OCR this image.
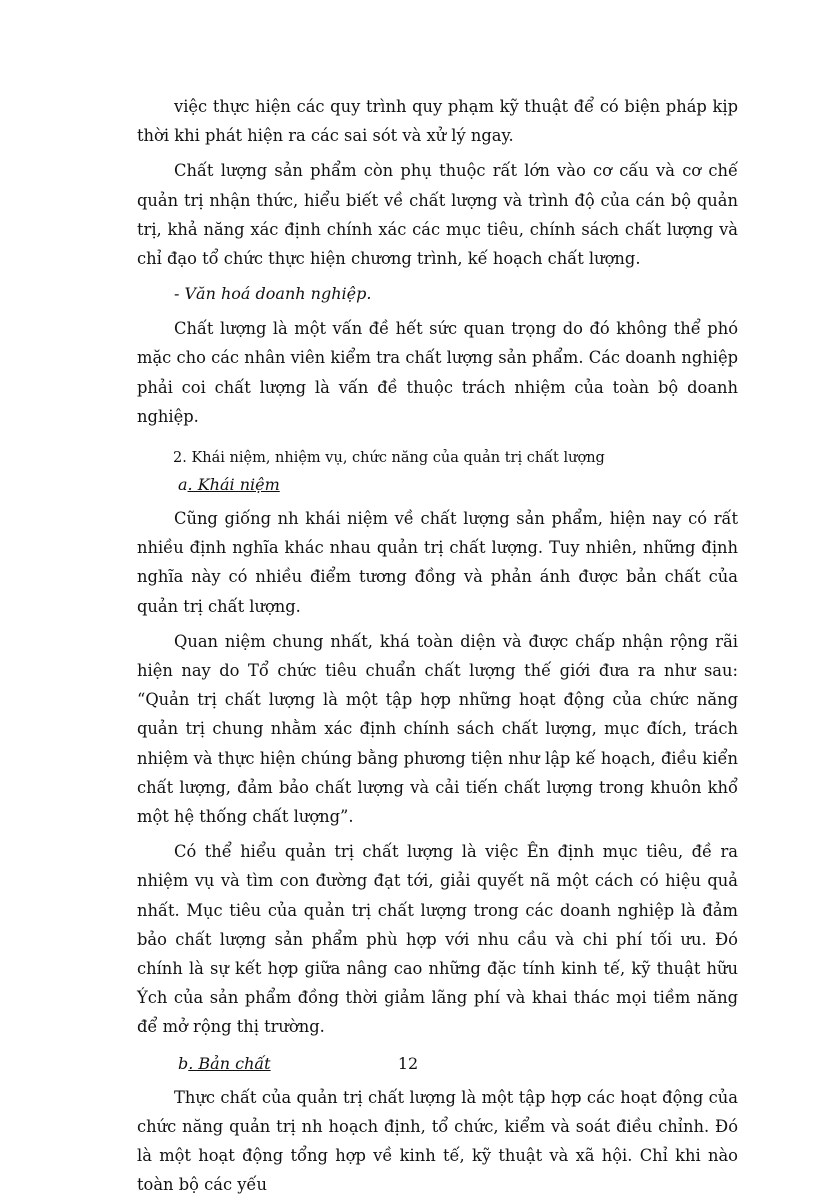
việc thực hiện các quy trình quy phạm kỹ thuật để có biện pháp kịp thời khi phát hiện ra các sai sót và xử lý ngay.

Chất lượng sản phẩm còn phụ thuộc rất lớn vào cơ cấu và cơ chế quản trị nhận thức, hiểu biết về chất lượng và trình độ của cán bộ quản trị, khả năng xác định chính xác các mục tiêu, chính sách chất lượng và chỉ đạo tổ chức thực hiện chương trình, kế hoạch chất lượng.

- Văn hoá doanh nghiệp.

Chất lượng là một vấn đề hết sức quan trọng do đó không thể phó mặc cho các nhân viên kiểm tra chất lượng sản phẩm. Các doanh nghiệp phải coi chất lượng là vấn đề thuộc trách nhiệm của toàn bộ doanh nghiệp.

2. Khái niệm, nhiệm vụ, chức năng của quản trị chất lượng

a. Khái niệm

Cũng giống nh khái niệm về chất lượng sản phẩm, hiện nay có rất nhiều định nghĩa khác nhau quản trị chất lượng. Tuy nhiên, những định nghĩa này có nhiều điểm tương đồng và phản ánh được bản chất của quản trị chất lượng.

Quan niệm chung nhất, khá toàn diện và được chấp nhận rộng rãi hiện nay do Tổ chức tiêu chuẩn chất lượng thế giới đưa ra như sau: “Quản trị chất lượng là một tập hợp những hoạt động của chức năng quản trị chung nhằm xác định chính sách chất lượng, mục đích, trách nhiệm và thực hiện chúng bằng phương tiện như lập kế hoạch, điều kiển chất lượng, đảm bảo chất lượng và cải tiến chất lượng trong khuôn khổ một hệ thống chất lượng”.

Có thể hiểu quản trị chất lượng là việc Ên định mục tiêu, đề ra nhiệm vụ và tìm con đường đạt tới, giải quyết nã một cách có hiệu quả nhất. Mục tiêu của quản trị chất lượng trong các doanh nghiệp là đảm bảo chất lượng sản phẩm phù hợp với nhu cầu và chi phí tối ưu. Đó chính là sự kết hợp giữa nâng cao những đặc tính kinh tế, kỹ thuật hữu Ých của sản phẩm đồng thời giảm lãng phí và khai thác mọi tiềm năng để mở rộng thị trường.

b. Bản chất

Thực chất của quản trị chất lượng là một tập hợp các hoạt động của chức năng quản trị nh hoạch định, tổ chức, kiểm và soát điều chỉnh. Đó là một hoạt động tổng hợp về kinh tế, kỹ thuật và xã hội. Chỉ khi nào toàn bộ các yếu

12
